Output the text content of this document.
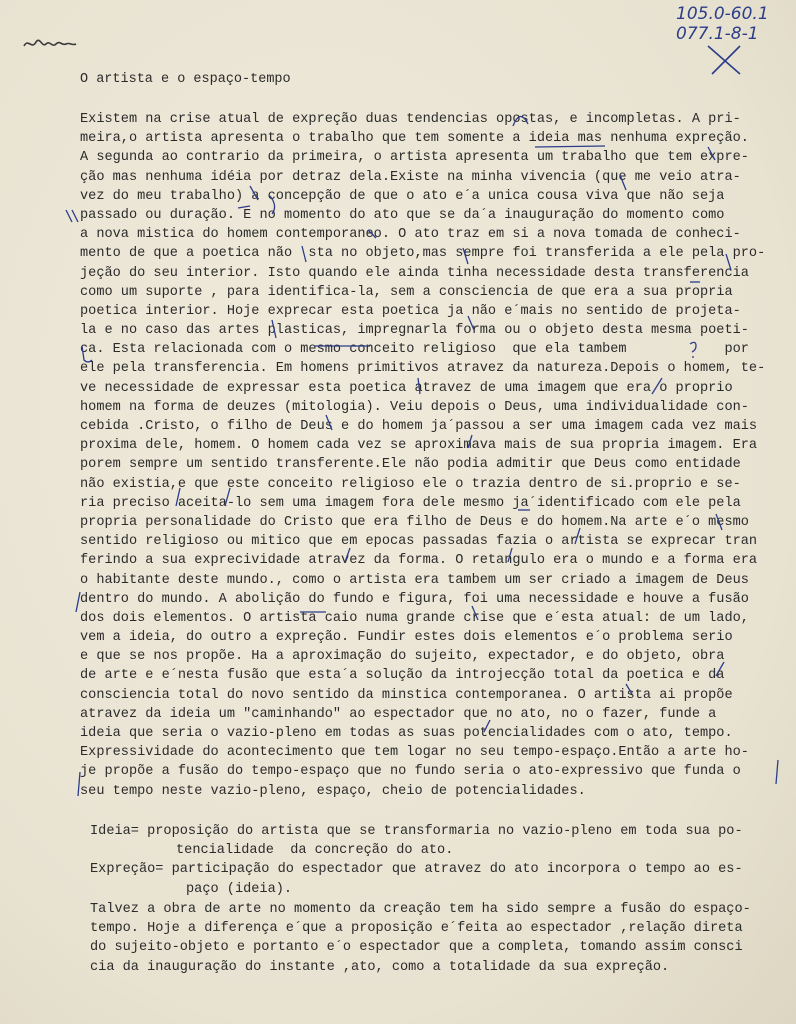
105.0-60.1
077.1-8-1
O artista e o espaço-tempo
Existem na crise atual de expreção duas tendencias opostas, e incompletas. A pri-
meira,o artista apresenta o trabalho que tem somente a ideia mas nenhuma expreção.
A segunda ao contrario da primeira, o artista apresenta um trabalho que tem expre-
ção mas nenhuma idéia por detraz dela.Existe na minha vivencia (que me veio atra-
vez do meu trabalho) a concepção de que o ato e´a unica cousa viva que não seja
passado ou duração. E no momento do ato que se da´a inauguração do momento como
a nova mistica do homem contemporaneo. O ato traz em si a nova tomada de conheci-
mento de que a poetica não  sta no objeto,mas sempre foi transferida a ele pela pro-
jeção do seu interior. Isto quando ele ainda tinha necessidade desta transferencia
como um suporte , para identifica-la, sem a consciencia de que era a sua propria
poetica interior. Hoje exprecar esta poetica ja não e´mais no sentido de projeta-
la e no caso das artes plasticas, impregnarla forma ou o objeto desta mesma poeti-
ca. Esta relacionada com o mesmo conceito religioso  que ela tambem            por
ele pela transferencia. Em homens primitivos atravez da natureza.Depois o homem, te-
ve necessidade de expressar esta poetica atravez de uma imagem que era o proprio
homem na forma de deuzes (mitologia). Veiu depois o Deus, uma individualidade con-
cebida .Cristo, o filho de Deus e do homem ja´passou a ser uma imagem cada vez mais
proxima dele, homem. O homem cada vez se aproximava mais de sua propria imagem. Era
porem sempre um sentido transferente.Ele não podia admitir que Deus como entidade
não existia,e que este conceito religioso ele o trazia dentro de si.proprio e se-
ria preciso aceita-lo sem uma imagem fora dele mesmo ja´identificado com ele pela
propria personalidade do Cristo que era filho de Deus e do homem.Na arte e´o mesmo
sentido religioso ou mitico que em epocas passadas fazia o artista se exprecar tran
ferindo a sua exprecividade atravez da forma. O retangulo era o mundo e a forma era
o habitante deste mundo., como o artista era tambem um ser criado a imagem de Deus
dentro do mundo. A abolição do fundo e figura, foi uma necessidade e houve a fusão
dos dois elementos. O artista caio numa grande crise que e´esta atual: de um lado,
vem a ideia, do outro a expreção. Fundir estes dois elementos e´o problema serio
e que se nos propõe. Ha a aproximação do sujeito, expectador, e do objeto, obra
de arte e e´nesta fusão que esta´a solução da introjecção total da poetica e da
consciencia total do novo sentido da minstica contemporanea. O artista ai propõe
atravez da ideia um "caminhando" ao espectador que no ato, no o fazer, funde a
ideia que seria o vazio-pleno em todas as suas potencialidades com o ato, tempo.
Expressividade do acontecimento que tem logar no seu tempo-espaço.Então a arte ho-
je propõe a fusão do tempo-espaço que no fundo seria o ato-expressivo que funda o
seu tempo neste vazio-pleno, espaço, cheio de potencialidades.
Ideia= proposição do artista que se transformaria no vazio-pleno em toda sua po-
tencialidade  da concreção do ato.
Expreção= participação do espectador que atravez do ato incorpora o tempo ao es-
paço (ideia).
Talvez a obra de arte no momento da creação tem ha sido sempre a fusão do espaço-
tempo. Hoje a diferença e´que a proposição e´feita ao espectador ,relação direta
do sujeito-objeto e portanto e´o espectador que a completa, tomando assim consci
cia da inauguração do instante ,ato, como a totalidade da sua expreção.
